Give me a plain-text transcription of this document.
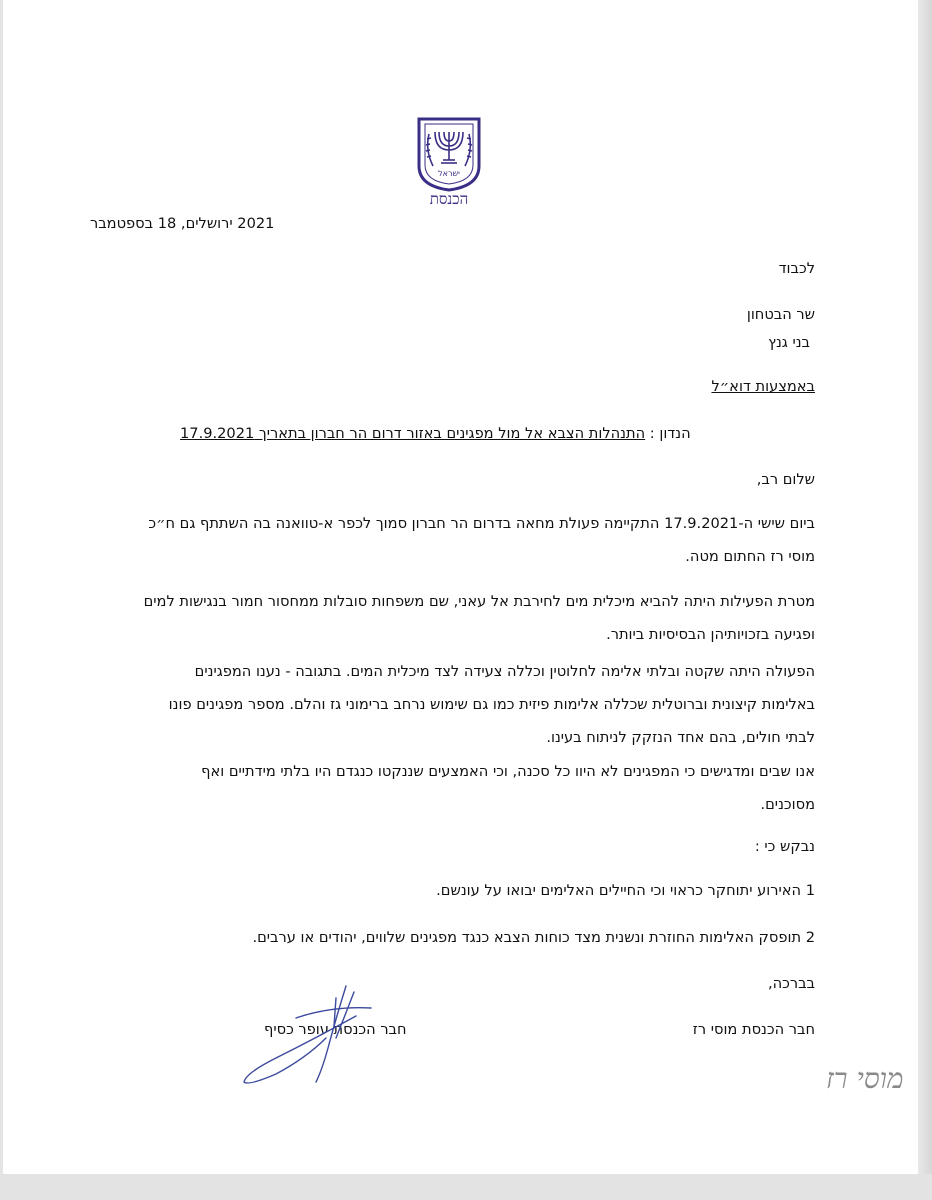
ישראל
הכנסת
2021 ירושלים, 18 בספטמבר
לכבוד
שר הבטחון
בני גנץ
באמצעות דוא״ל
הנדון : התנהלות הצבא אל מול מפגינים באזור דרום הר חברון בתאריך 17.9.2021
שלום רב,
ביום שישי ה-17.9.2021 התקיימה פעולת מחאה בדרום הר חברון סמוך לכפר א-טוואנה בה השתתף גם ח״כ
מוסי רז החתום מטה.
מטרת הפעילות היתה להביא מיכלית מים לחירבת אל עאני, שם משפחות סובלות ממחסור חמור בנגישות למים
ופגיעה בזכויותיהן הבסיסיות ביותר.
הפעולה היתה שקטה ובלתי אלימה לחלוטין וכללה צעידה לצד מיכלית המים. בתגובה - נענו המפגינים
באלימות קיצונית וברוטלית שכללה אלימות פיזית כמו גם שימוש נרחב ברימוני גז והלם. מספר מפגינים פונו
לבתי חולים, בהם אחד הנזקק לניתוח בעינו.
אנו שבים ומדגישים כי המפגינים לא היוו כל סכנה, וכי האמצעים שננקטו כנגדם היו בלתי מידתיים ואף
מסוכנים.
נבקש כי :
1 האירוע יתוחקר כראוי וכי החיילים האלימים יבואו על עונשם.
2 תופסק האלימות החוזרת ונשנית מצד כוחות הצבא כנגד מפגינים שלווים, יהודים או ערבים.
בברכה,
חבר הכנסת מוסי רז
חבר הכנסת עופר כסיף
מוסי רז
